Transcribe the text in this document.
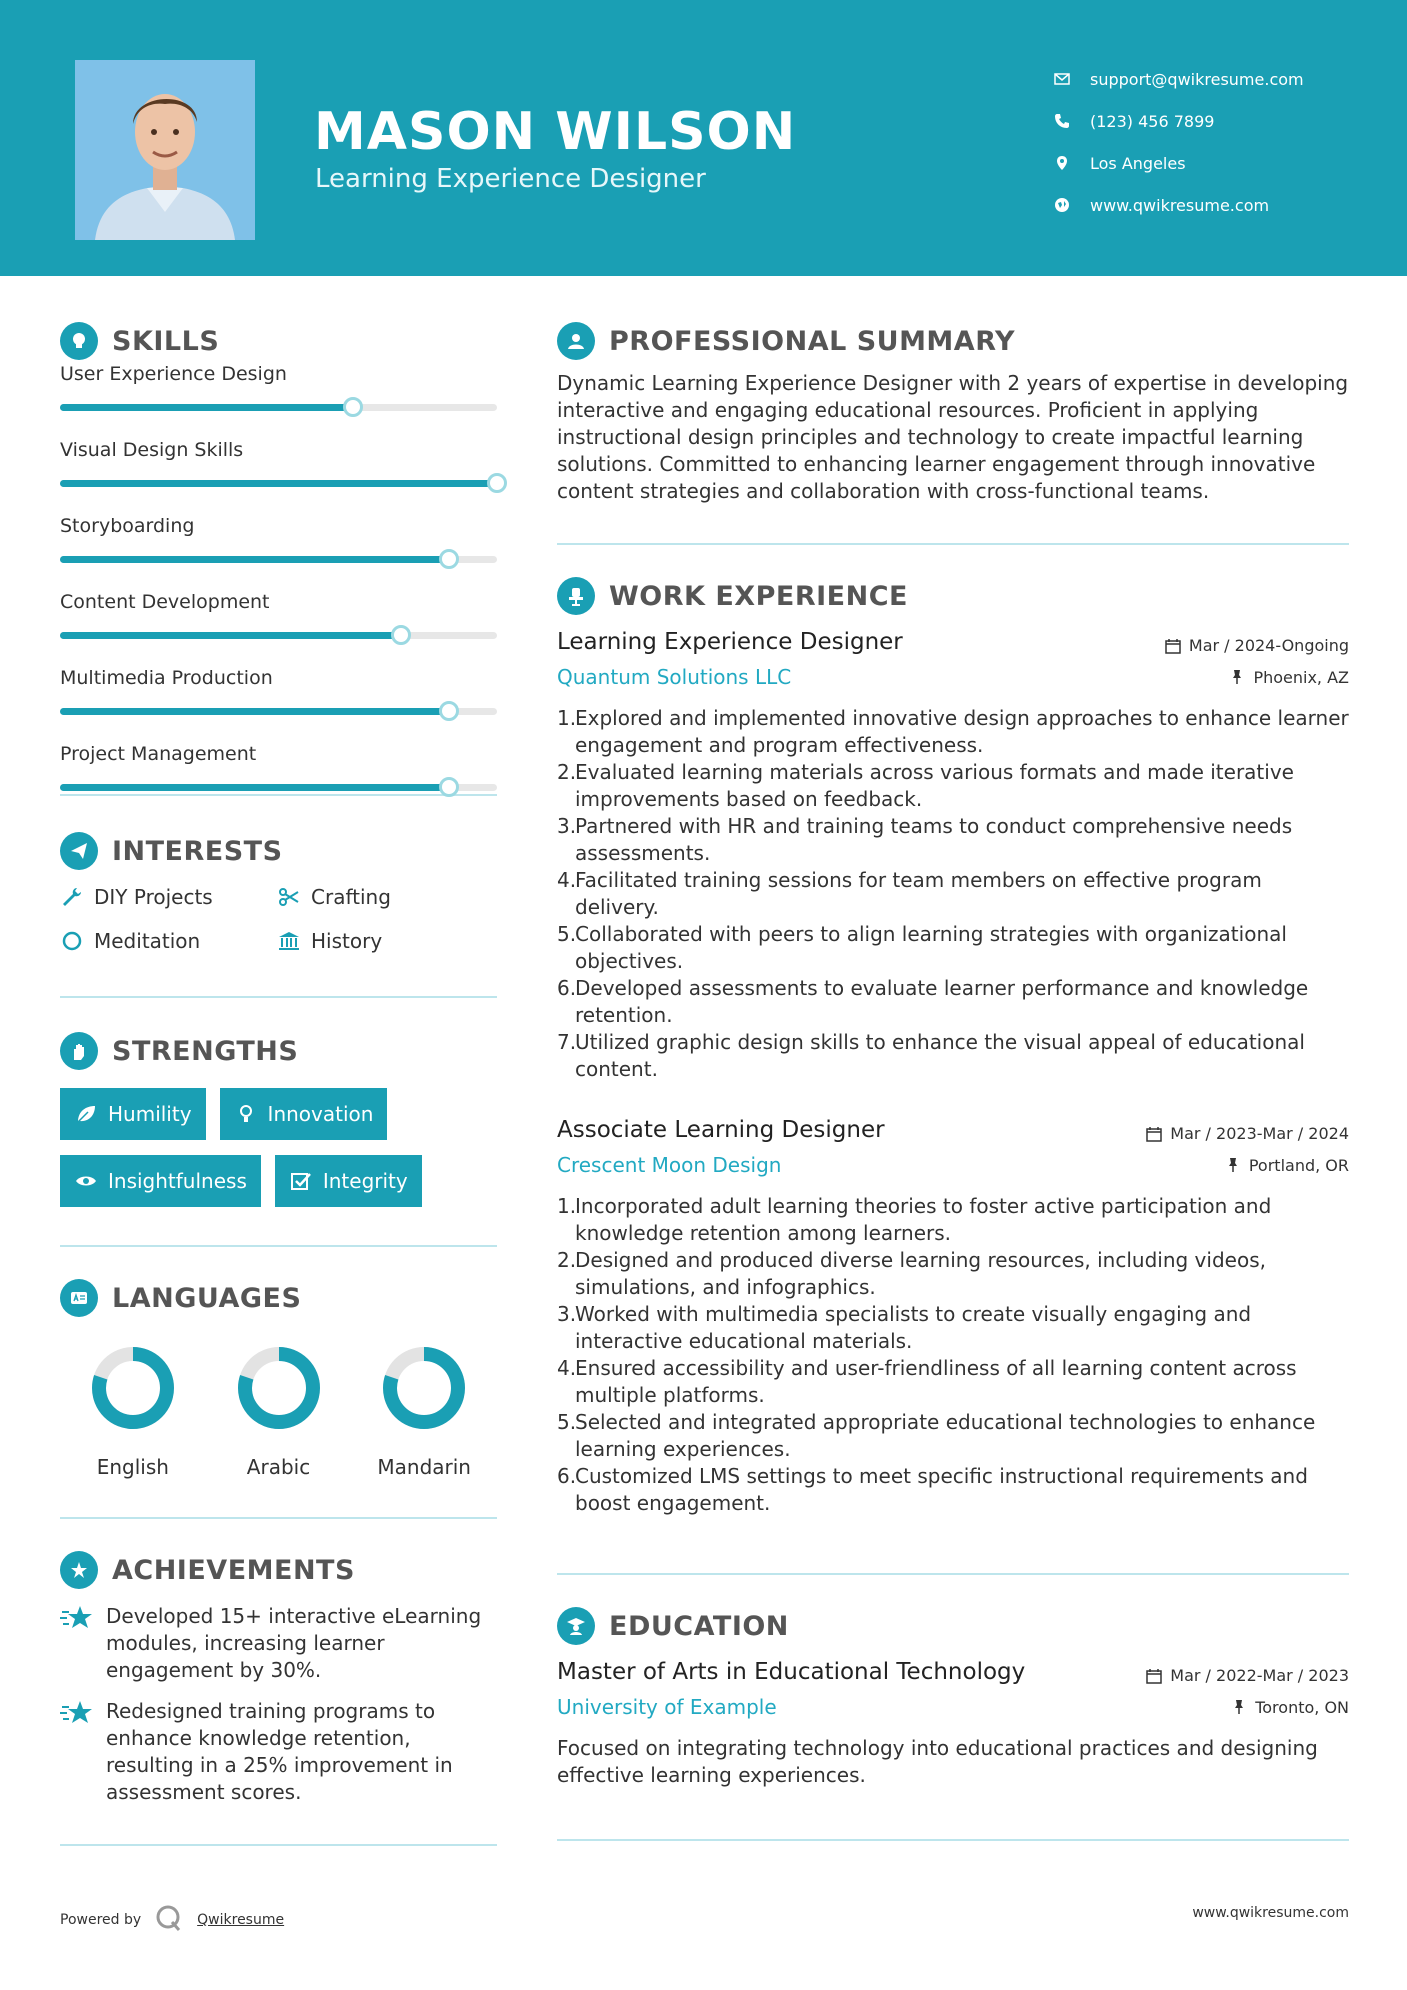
MASON WILSON
Learning Experience Designer
support@qwikresume.com
(123) 456 7899
Los Angeles
www.qwikresume.com
SKILLS
User Experience Design
Visual Design Skills
Storyboarding
Content Development
Multimedia Production
Project Management
INTERESTS
DIY Projects	Crafting
Meditation	History
STRENGTHS
Humility	Innovation
Insightfulness	Integrity
LANGUAGES
English	Arabic	Mandarin
ACHIEVEMENTS
Developed 15+ interactive eLearning modules, increasing learner engagement by 30%.
Redesigned training programs to enhance knowledge retention, resulting in a 25% improvement in assessment scores.
PROFESSIONAL SUMMARY

Dynamic Learning Experience Designer with 2 years of expertise in developing interactive and engaging educational resources. Proficient in applying instructional design principles and technology to create impactful learning solutions. Committed to enhancing learner engagement through innovative content strategies and collaboration with cross-functional teams.

WORK EXPERIENCE
Learning Experience Designer	Mar / 2024-Ongoing
Quantum Solutions LLC	Phoenix, AZ
1.
Explored and implemented innovative design approaches to enhance learner engagement and program effectiveness.
2.
Evaluated learning materials across various formats and made iterative improvements based on feedback.
3.
Partnered with HR and training teams to conduct comprehensive needs assessments.
4.
Facilitated training sessions for team members on effective program delivery.
5.
Collaborated with peers to align learning strategies with organizational objectives.
6.
Developed assessments to evaluate learner performance and knowledge retention.
7.
Utilized graphic design skills to enhance the visual appeal of educational content.
Associate Learning Designer	Mar / 2023-Mar / 2024
Crescent Moon Design	Portland, OR
1.
Incorporated adult learning theories to foster active participation and knowledge retention among learners.
2.
Designed and produced diverse learning resources, including videos, simulations, and infographics.
3.
Worked with multimedia specialists to create visually engaging and interactive educational materials.
4.
Ensured accessibility and user-friendliness of all learning content across multiple platforms.
5.
Selected and integrated appropriate educational technologies to enhance learning experiences.
6.
Customized LMS settings to meet specific instructional requirements and boost engagement.
EDUCATION
Master of Arts in Educational Technology	Mar / 2022-Mar / 2023
University of Example	Toronto, ON

Focused on integrating technology into educational practices and designing effective learning experiences.

Powered by	Qwikresume	www.qwikresume.com
